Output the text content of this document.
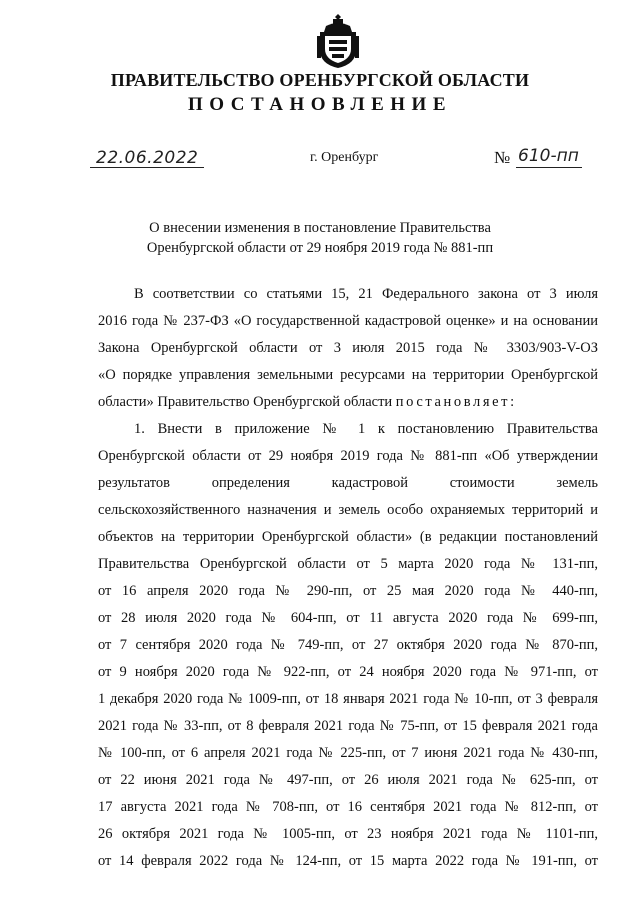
ПРАВИТЕЛЬСТВО ОРЕНБУРГСКОЙ ОБЛАСТИ
ПОСТАНОВЛЕНИЕ
22.06.2022	г. Оренбург	№ 610-пп
О внесении изменения в постановление Правительства
Оренбургской области от 29 ноября 2019 года № 881-пп
В соответствии со статьями 15, 21 Федерального закона от 3 июля
2016 года № 237-ФЗ «О государственной кадастровой оценке» и на основании
Закона Оренбургской области от 3 июля 2015 года № 3303/903-V-ОЗ
«О порядке управления земельными ресурсами на территории Оренбургской
области» Правительство Оренбургской области постановляет:
1. Внести в приложение № 1 к постановлению Правительства
Оренбургской области от 29 ноября 2019 года № 881-пп «Об утверждении
результатов определения кадастровой стоимости земель
сельскохозяйственного назначения и земель особо охраняемых территорий и
объектов на территории Оренбургской области» (в редакции постановлений
Правительства Оренбургской области от 5 марта 2020 года № 131-пп,
от 16 апреля 2020 года № 290-пп, от 25 мая 2020 года № 440-пп,
от 28 июля 2020 года № 604-пп, от 11 августа 2020 года № 699-пп,
от 7 сентября 2020 года № 749-пп, от 27 октября 2020 года № 870-пп,
от 9 ноября 2020 года № 922-пп, от 24 ноября 2020 года № 971-пп, от
1 декабря 2020 года № 1009-пп, от 18 января 2021 года № 10-пп, от 3 февраля
2021 года № 33-пп, от 8 февраля 2021 года № 75-пп, от 15 февраля 2021 года
№ 100-пп, от 6 апреля 2021 года № 225-пп, от 7 июня 2021 года № 430-пп,
от 22 июня 2021 года № 497-пп, от 26 июля 2021 года № 625-пп, от
17 августа 2021 года № 708-пп, от 16 сентября 2021 года № 812-пп, от
26 октября 2021 года № 1005-пп, от 23 ноября 2021 года № 1101-пп,
от 14 февраля 2022 года № 124-пп, от 15 марта 2022 года № 191-пп, от
